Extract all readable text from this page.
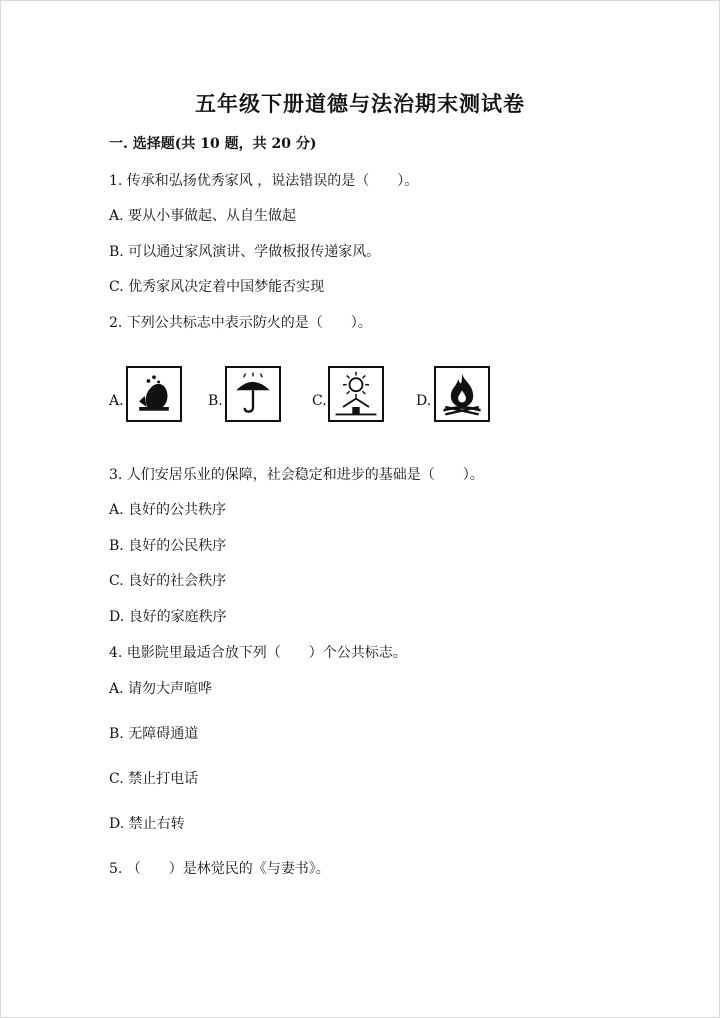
五年级下册道德与法治期末测试卷
一. 选择题(共 10 题，共 20 分)
1. 传承和弘扬优秀家风 ，说法错误的是（　　）。
A. 要从小事做起、从自生做起
B. 可以通过家风演讲、学做板报传递家风。
C. 优秀家风决定着中国梦能否实现
2. 下列公共标志中表示防火的是（　　）。
A.	B.	C.	D.
3. 人们安居乐业的保障，社会稳定和进步的基础是（　　）。
A. 良好的公共秩序
B. 良好的公民秩序
C. 良好的社会秩序
D. 良好的家庭秩序
4. 电影院里最适合放下列（　　）个公共标志。
A. 请勿大声喧哗
B. 无障碍通道
C. 禁止打电话
D. 禁止右转
5. （　　）是林觉民的《与妻书》。
